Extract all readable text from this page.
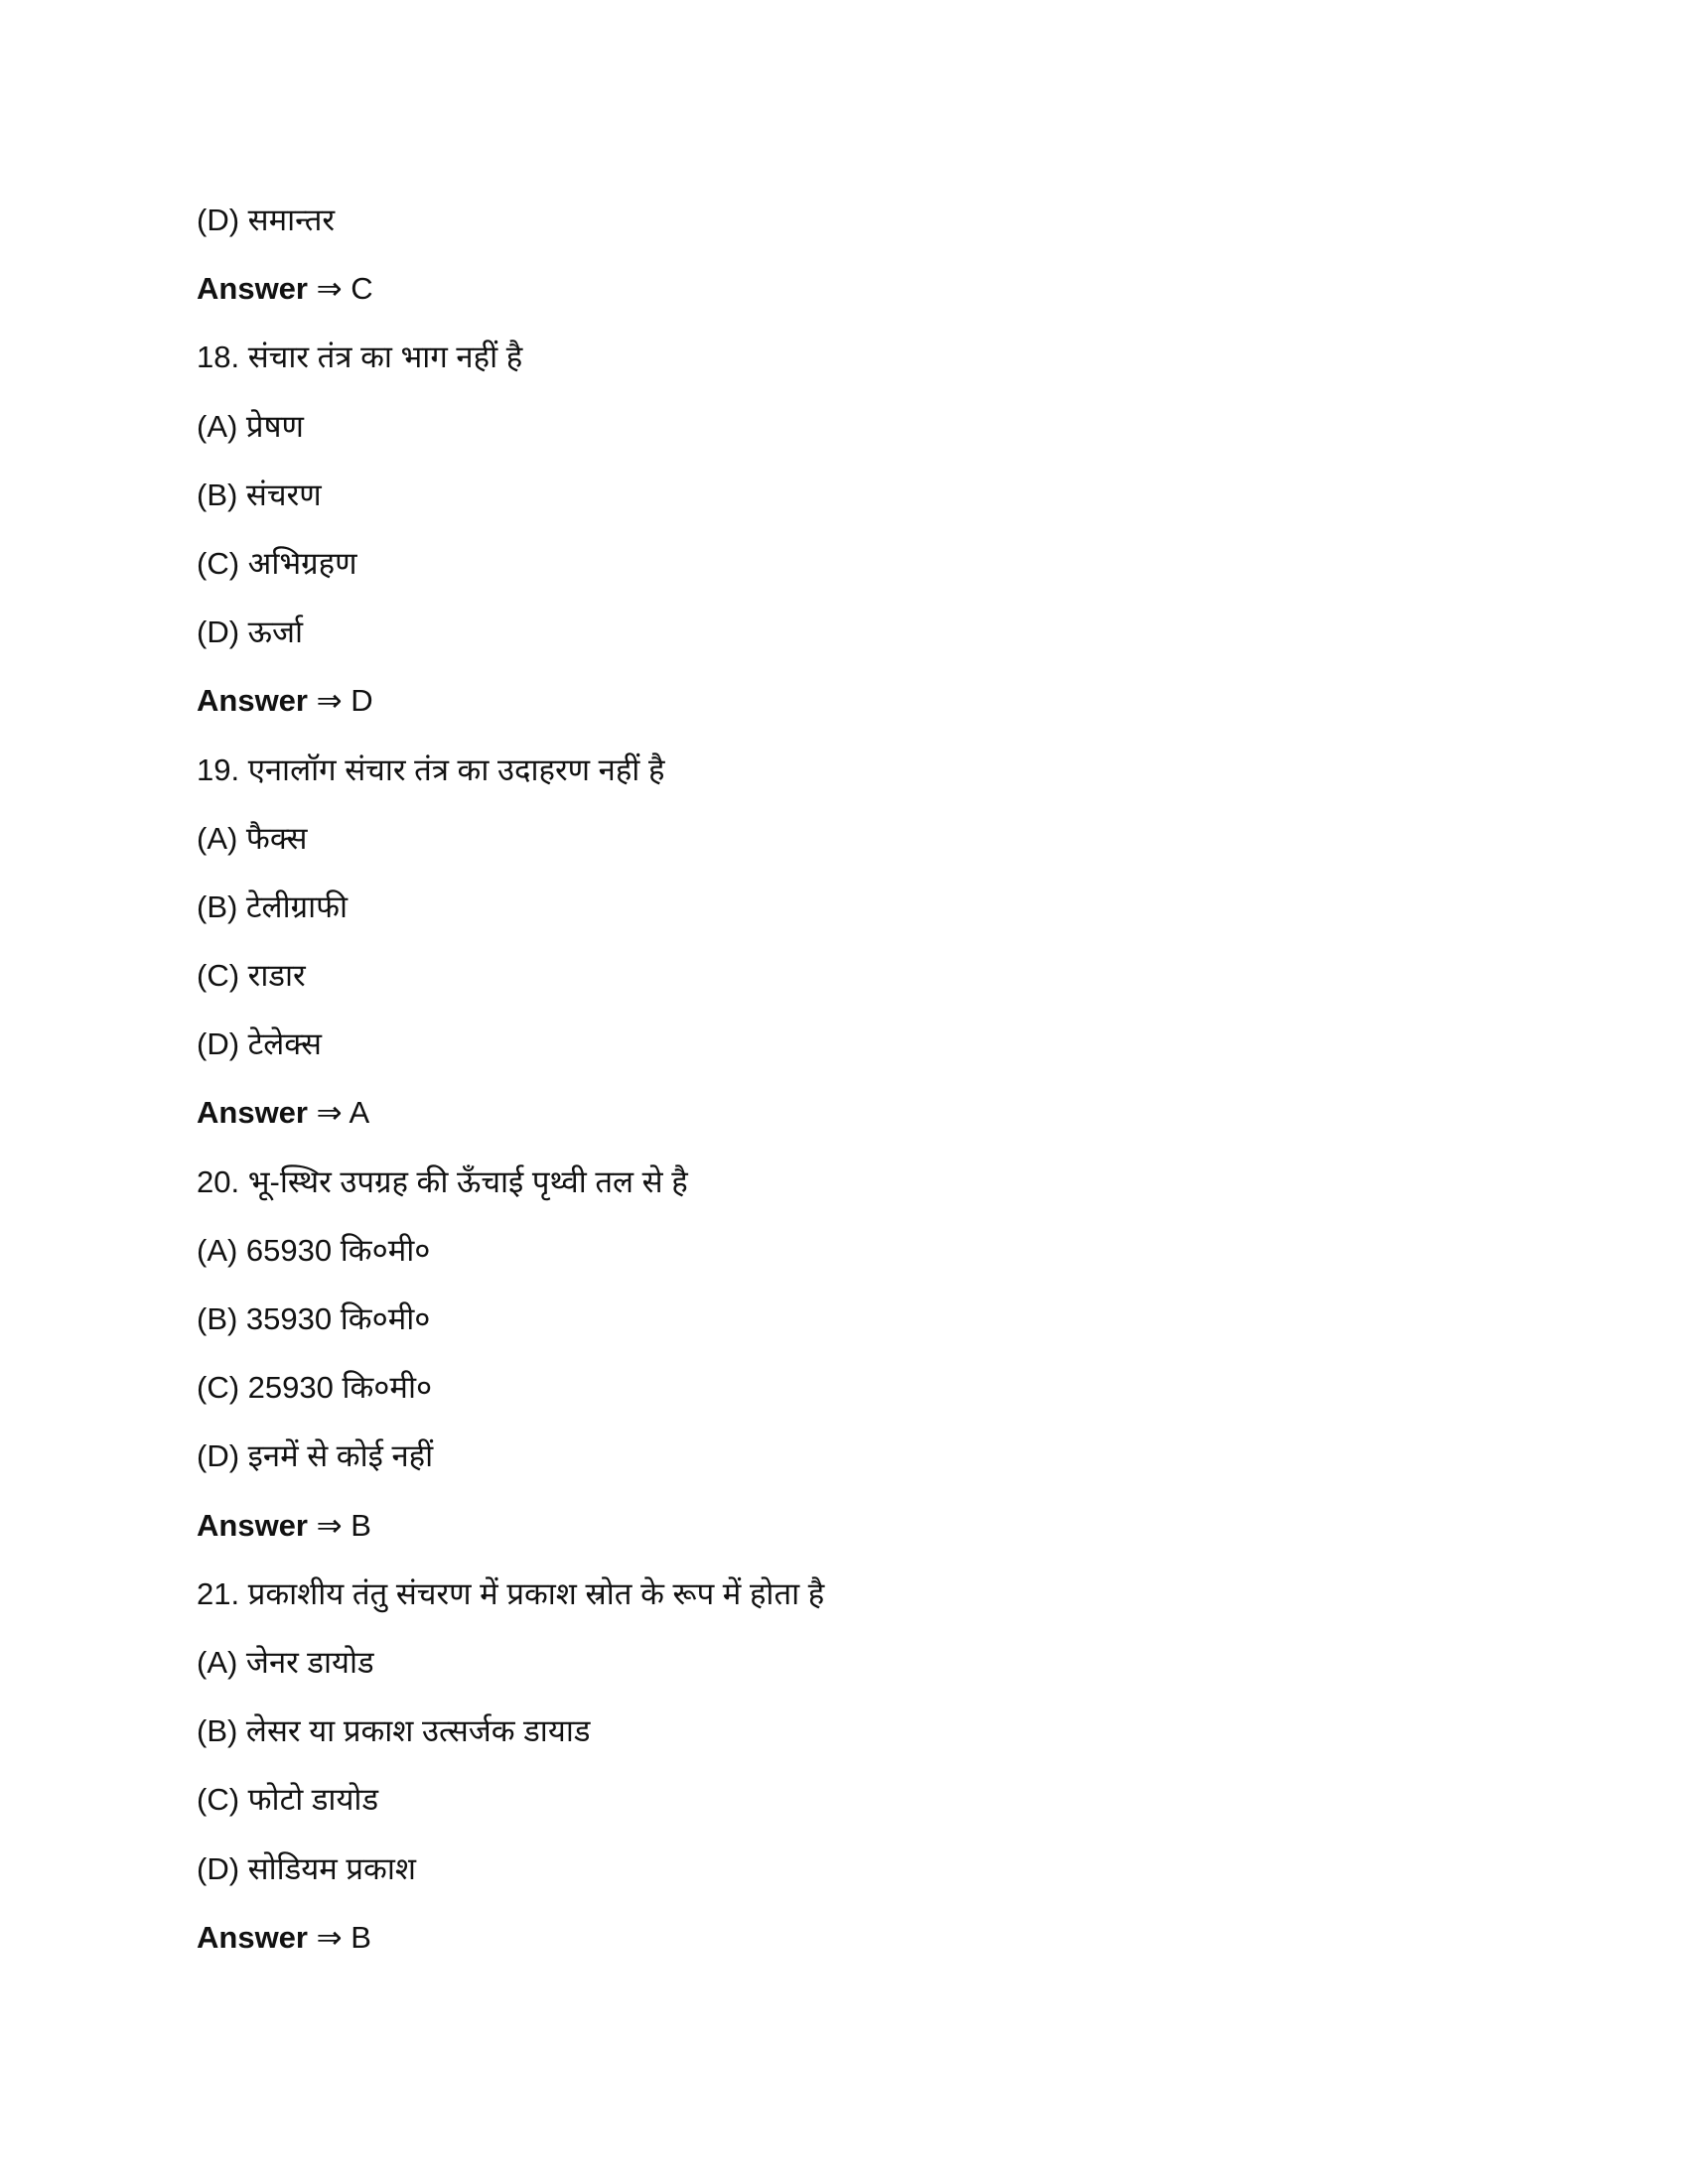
(D) समान्तर
Answer ⇒ C
18. संचार तंत्र का भाग नहीं है
(A) प्रेषण
(B) संचरण
(C) अभिग्रहण
(D) ऊर्जा
Answer ⇒ D
19. एनालॉग संचार तंत्र का उदाहरण नहीं है
(A) फैक्स
(B) टेलीग्राफी
(C) राडार
(D) टेलेक्स
Answer ⇒ A
20. भू-स्थिर उपग्रह की ऊँचाई पृथ्वी तल से है
(A) 65930 कि०मी०
(B) 35930 कि०मी०
(C) 25930 कि०मी०
(D) इनमें से कोई नहीं
Answer ⇒ B
21. प्रकाशीय तंतु संचरण में प्रकाश स्रोत के रूप में होता है
(A) जेनर डायोड
(B) लेसर या प्रकाश उत्सर्जक डायाड
(C) फोटो डायोड
(D) सोडियम प्रकाश
Answer ⇒ B
